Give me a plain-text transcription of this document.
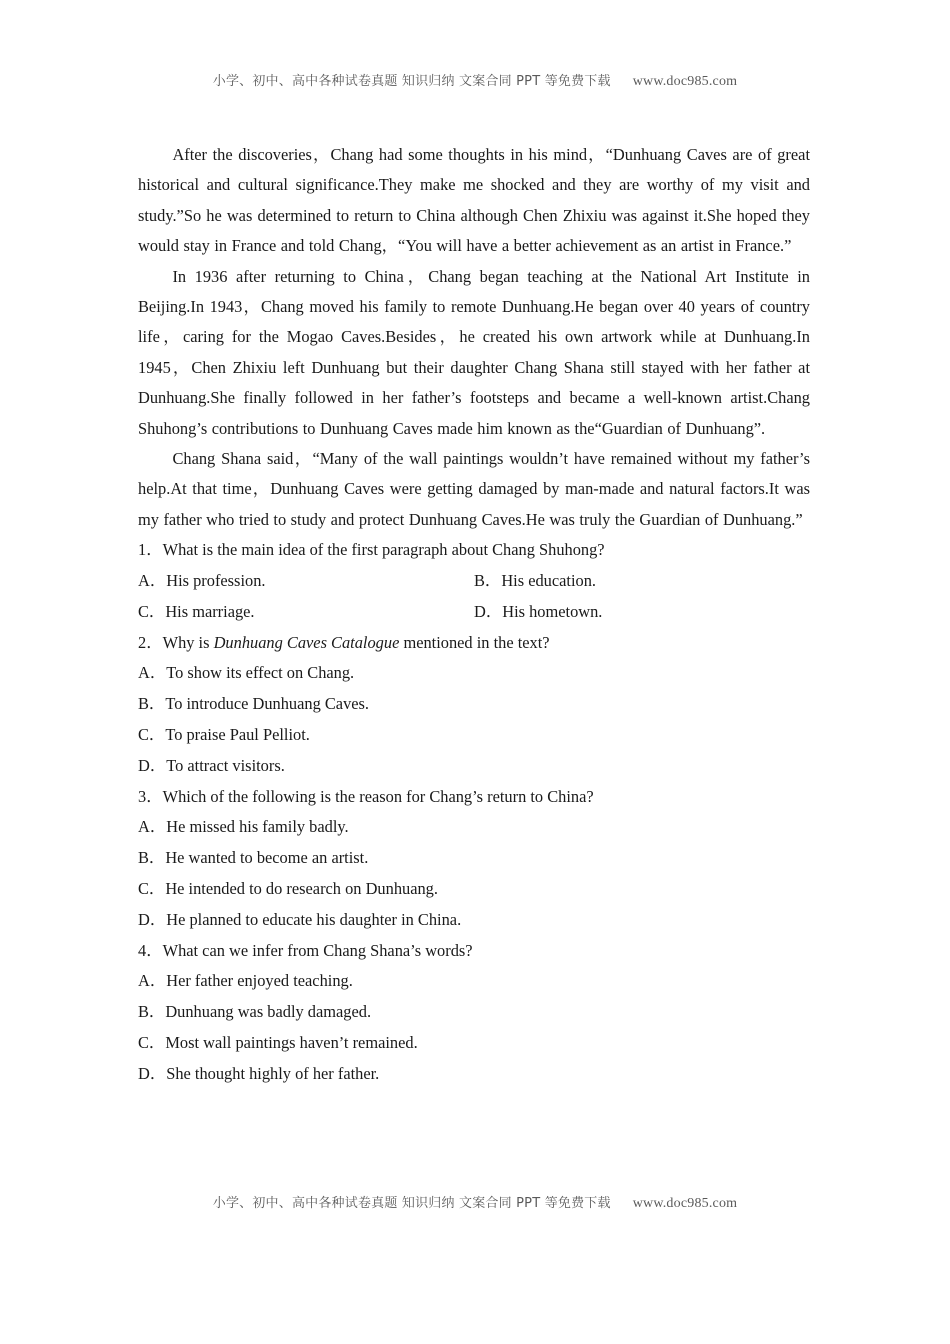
小学、初中、高中各种试卷真题 知识归纳 文案合同 PPT 等免费下载 www.doc985.com

After the discoveries，Chang had some thoughts in his mind，“Dunhuang Caves are of great historical and cultural significance.They make me shocked and they are worthy of my visit and study.”So he was determined to return to China although Chen Zhixiu was against it.She hoped they would stay in France and told Chang，“You will have a better achievement as an artist in France.”

In 1936 after returning to China，Chang began teaching at the National Art Institute in Beijing.In 1943，Chang moved his family to remote Dunhuang.He began over 40 years of country life，caring for the Mogao Caves.Besides，he created his own artwork while at Dunhuang.In 1945，Chen Zhixiu left Dunhuang but their daughter Chang Shana still stayed with her father at Dunhuang.She finally followed in her father’s footsteps and became a well-known artist.Chang Shuhong’s contributions to Dunhuang Caves made him known as the“Guardian of Dunhuang”.

Chang Shana said，“Many of the wall paintings wouldn’t have remained without my father’s help.At that time，Dunhuang Caves were getting damaged by man-made and natural factors.It was my father who tried to study and protect Dunhuang Caves.He was truly the Guardian of Dunhuang.”

1．What is the main idea of the first paragraph about Chang Shuhong?
A．His profession.	B．His education.
C．His marriage.	D．His hometown.
2．Why is Dunhuang Caves Catalogue mentioned in the text?
A．To show its effect on Chang.
B．To introduce Dunhuang Caves.
C．To praise Paul Pelliot.
D．To attract visitors.
3．Which of the following is the reason for Chang’s return to China?
A．He missed his family badly.
B．He wanted to become an artist.
C．He intended to do research on Dunhuang.
D．He planned to educate his daughter in China.
4．What can we infer from Chang Shana’s words?
A．Her father enjoyed teaching.
B．Dunhuang was badly damaged.
C．Most wall paintings haven’t remained.
D．She thought highly of her father.
小学、初中、高中各种试卷真题 知识归纳 文案合同 PPT 等免费下载 www.doc985.com
